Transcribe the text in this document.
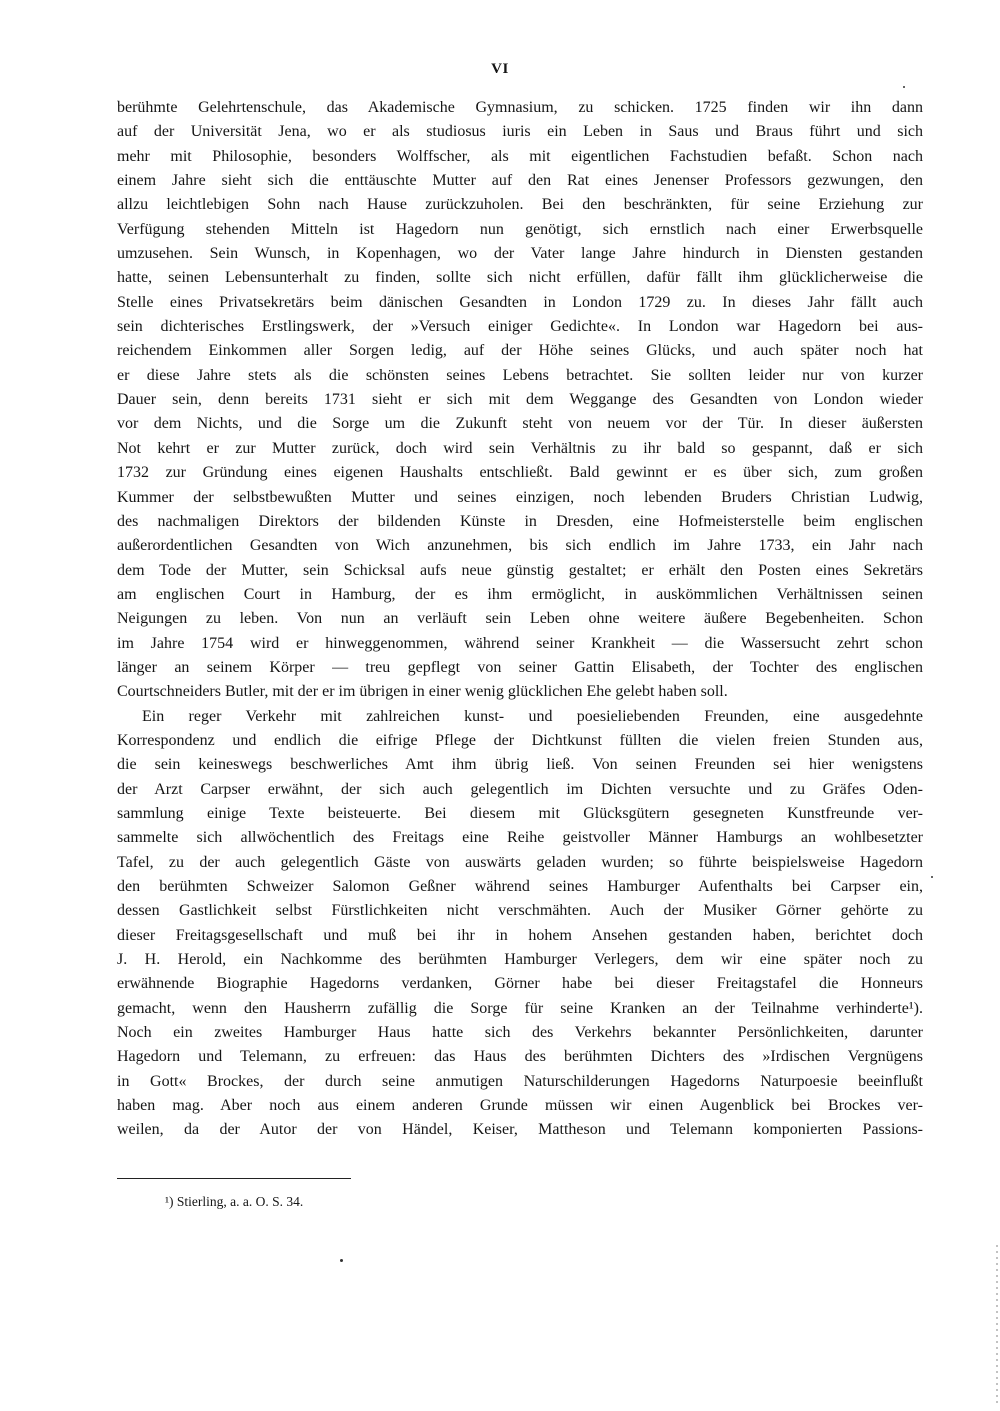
VI
berühmte Gelehrtenschule, das Akademische Gymnasium, zu schicken. 1725 finden wir ihn dann
auf der Universität Jena, wo er als studiosus iuris ein Leben in Saus und Braus führt und sich
mehr mit Philosophie, besonders Wolffscher, als mit eigentlichen Fachstudien befaßt. Schon nach
einem Jahre sieht sich die enttäuschte Mutter auf den Rat eines Jenenser Professors gezwungen, den
allzu leichtlebigen Sohn nach Hause zurückzuholen. Bei den beschränkten, für seine Erziehung zur
Verfügung stehenden Mitteln ist Hagedorn nun genötigt, sich ernstlich nach einer Erwerbsquelle
umzusehen. Sein Wunsch, in Kopenhagen, wo der Vater lange Jahre hindurch in Diensten gestanden
hatte, seinen Lebensunterhalt zu finden, sollte sich nicht erfüllen, dafür fällt ihm glücklicherweise die
Stelle eines Privatsekretärs beim dänischen Gesandten in London 1729 zu. In dieses Jahr fällt auch
sein dichterisches Erstlingswerk, der »Versuch einiger Gedichte«. In London war Hagedorn bei aus-
reichendem Einkommen aller Sorgen ledig, auf der Höhe seines Glücks, und auch später noch hat
er diese Jahre stets als die schönsten seines Lebens betrachtet. Sie sollten leider nur von kurzer
Dauer sein, denn bereits 1731 sieht er sich mit dem Weggange des Gesandten von London wieder
vor dem Nichts, und die Sorge um die Zukunft steht von neuem vor der Tür. In dieser äußersten
Not kehrt er zur Mutter zurück, doch wird sein Verhältnis zu ihr bald so gespannt, daß er sich
1732 zur Gründung eines eigenen Haushalts entschließt. Bald gewinnt er es über sich, zum großen
Kummer der selbstbewußten Mutter und seines einzigen, noch lebenden Bruders Christian Ludwig,
des nachmaligen Direktors der bildenden Künste in Dresden, eine Hofmeisterstelle beim englischen
außerordentlichen Gesandten von Wich anzunehmen, bis sich endlich im Jahre 1733, ein Jahr nach
dem Tode der Mutter, sein Schicksal aufs neue günstig gestaltet; er erhält den Posten eines Sekretärs
am englischen Court in Hamburg, der es ihm ermöglicht, in auskömmlichen Verhältnissen seinen
Neigungen zu leben. Von nun an verläuft sein Leben ohne weitere äußere Begebenheiten. Schon
im Jahre 1754 wird er hinweggenommen, während seiner Krankheit — die Wassersucht zehrt schon
länger an seinem Körper — treu gepflegt von seiner Gattin Elisabeth, der Tochter des englischen
Courtschneiders Butler, mit der er im übrigen in einer wenig glücklichen Ehe gelebt haben soll.
Ein reger Verkehr mit zahlreichen kunst- und poesieliebenden Freunden, eine ausgedehnte
Korrespondenz und endlich die eifrige Pflege der Dichtkunst füllten die vielen freien Stunden aus,
die sein keineswegs beschwerliches Amt ihm übrig ließ. Von seinen Freunden sei hier wenigstens
der Arzt Carpser erwähnt, der sich auch gelegentlich im Dichten versuchte und zu Gräfes Oden-
sammlung einige Texte beisteuerte. Bei diesem mit Glücksgütern gesegneten Kunstfreunde ver-
sammelte sich allwöchentlich des Freitags eine Reihe geistvoller Männer Hamburgs an wohlbesetzter
Tafel, zu der auch gelegentlich Gäste von auswärts geladen wurden; so führte beispielsweise Hagedorn
den berühmten Schweizer Salomon Geßner während seines Hamburger Aufenthalts bei Carpser ein,
dessen Gastlichkeit selbst Fürstlichkeiten nicht verschmähten. Auch der Musiker Görner gehörte zu
dieser Freitagsgesellschaft und muß bei ihr in hohem Ansehen gestanden haben, berichtet doch
J. H. Herold, ein Nachkomme des berühmten Hamburger Verlegers, dem wir eine später noch zu
erwähnende Biographie Hagedorns verdanken, Görner habe bei dieser Freitagstafel die Honneurs
gemacht, wenn den Hausherrn zufällig die Sorge für seine Kranken an der Teilnahme verhinderte¹).
Noch ein zweites Hamburger Haus hatte sich des Verkehrs bekannter Persönlichkeiten, darunter
Hagedorn und Telemann, zu erfreuen: das Haus des berühmten Dichters des »Irdischen Vergnügens
in Gott« Brockes, der durch seine anmutigen Naturschilderungen Hagedorns Naturpoesie beeinflußt
haben mag. Aber noch aus einem anderen Grunde müssen wir einen Augenblick bei Brockes ver-
weilen, da der Autor der von Händel, Keiser, Mattheson und Telemann komponierten Passions-
¹) Stierling, a. a. O. S. 34.
